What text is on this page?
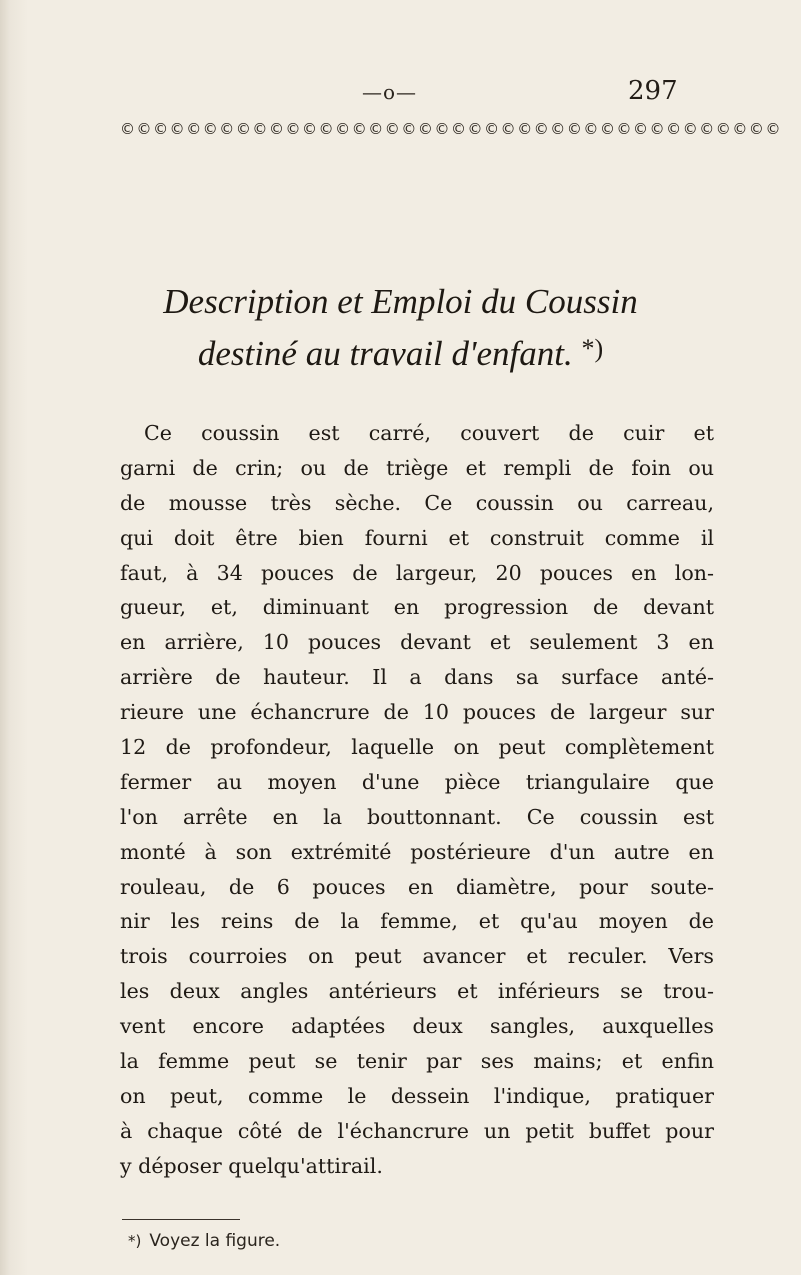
—o—	297
©©©©©©©©©©©©©©©©©©©©©©©©©©©©©©©©©©©©©©©©
Description et Emploi du Coussin
destiné au travail d'enfant. *)
Ce coussin est carré, couvert de cuir et
garni de crin; ou de triège et rempli de foin ou
de mousse très sèche. Ce coussin ou carreau,
qui doit être bien fourni et construit comme il
faut, à 34 pouces de largeur, 20 pouces en lon-
gueur, et, diminuant en progression de devant
en arrière, 10 pouces devant et seulement 3 en
arrière de hauteur. Il a dans sa surface anté-
rieure une échancrure de 10 pouces de largeur sur
12 de profondeur, laquelle on peut complètement
fermer au moyen d'une pièce triangulaire que
l'on arrête en la bouttonnant. Ce coussin est
monté à son extrémité postérieure d'un autre en
rouleau, de 6 pouces en diamètre, pour soute-
nir les reins de la femme, et qu'au moyen de
trois courroies on peut avancer et reculer. Vers
les deux angles antérieurs et inférieurs se trou-
vent encore adaptées deux sangles, auxquelles
la femme peut se tenir par ses mains; et enfin
on peut, comme le dessein l'indique, pratiquer
à chaque côté de l'échancrure un petit buffet pour
y déposer quelqu'attirail.
*) Voyez la figure.
